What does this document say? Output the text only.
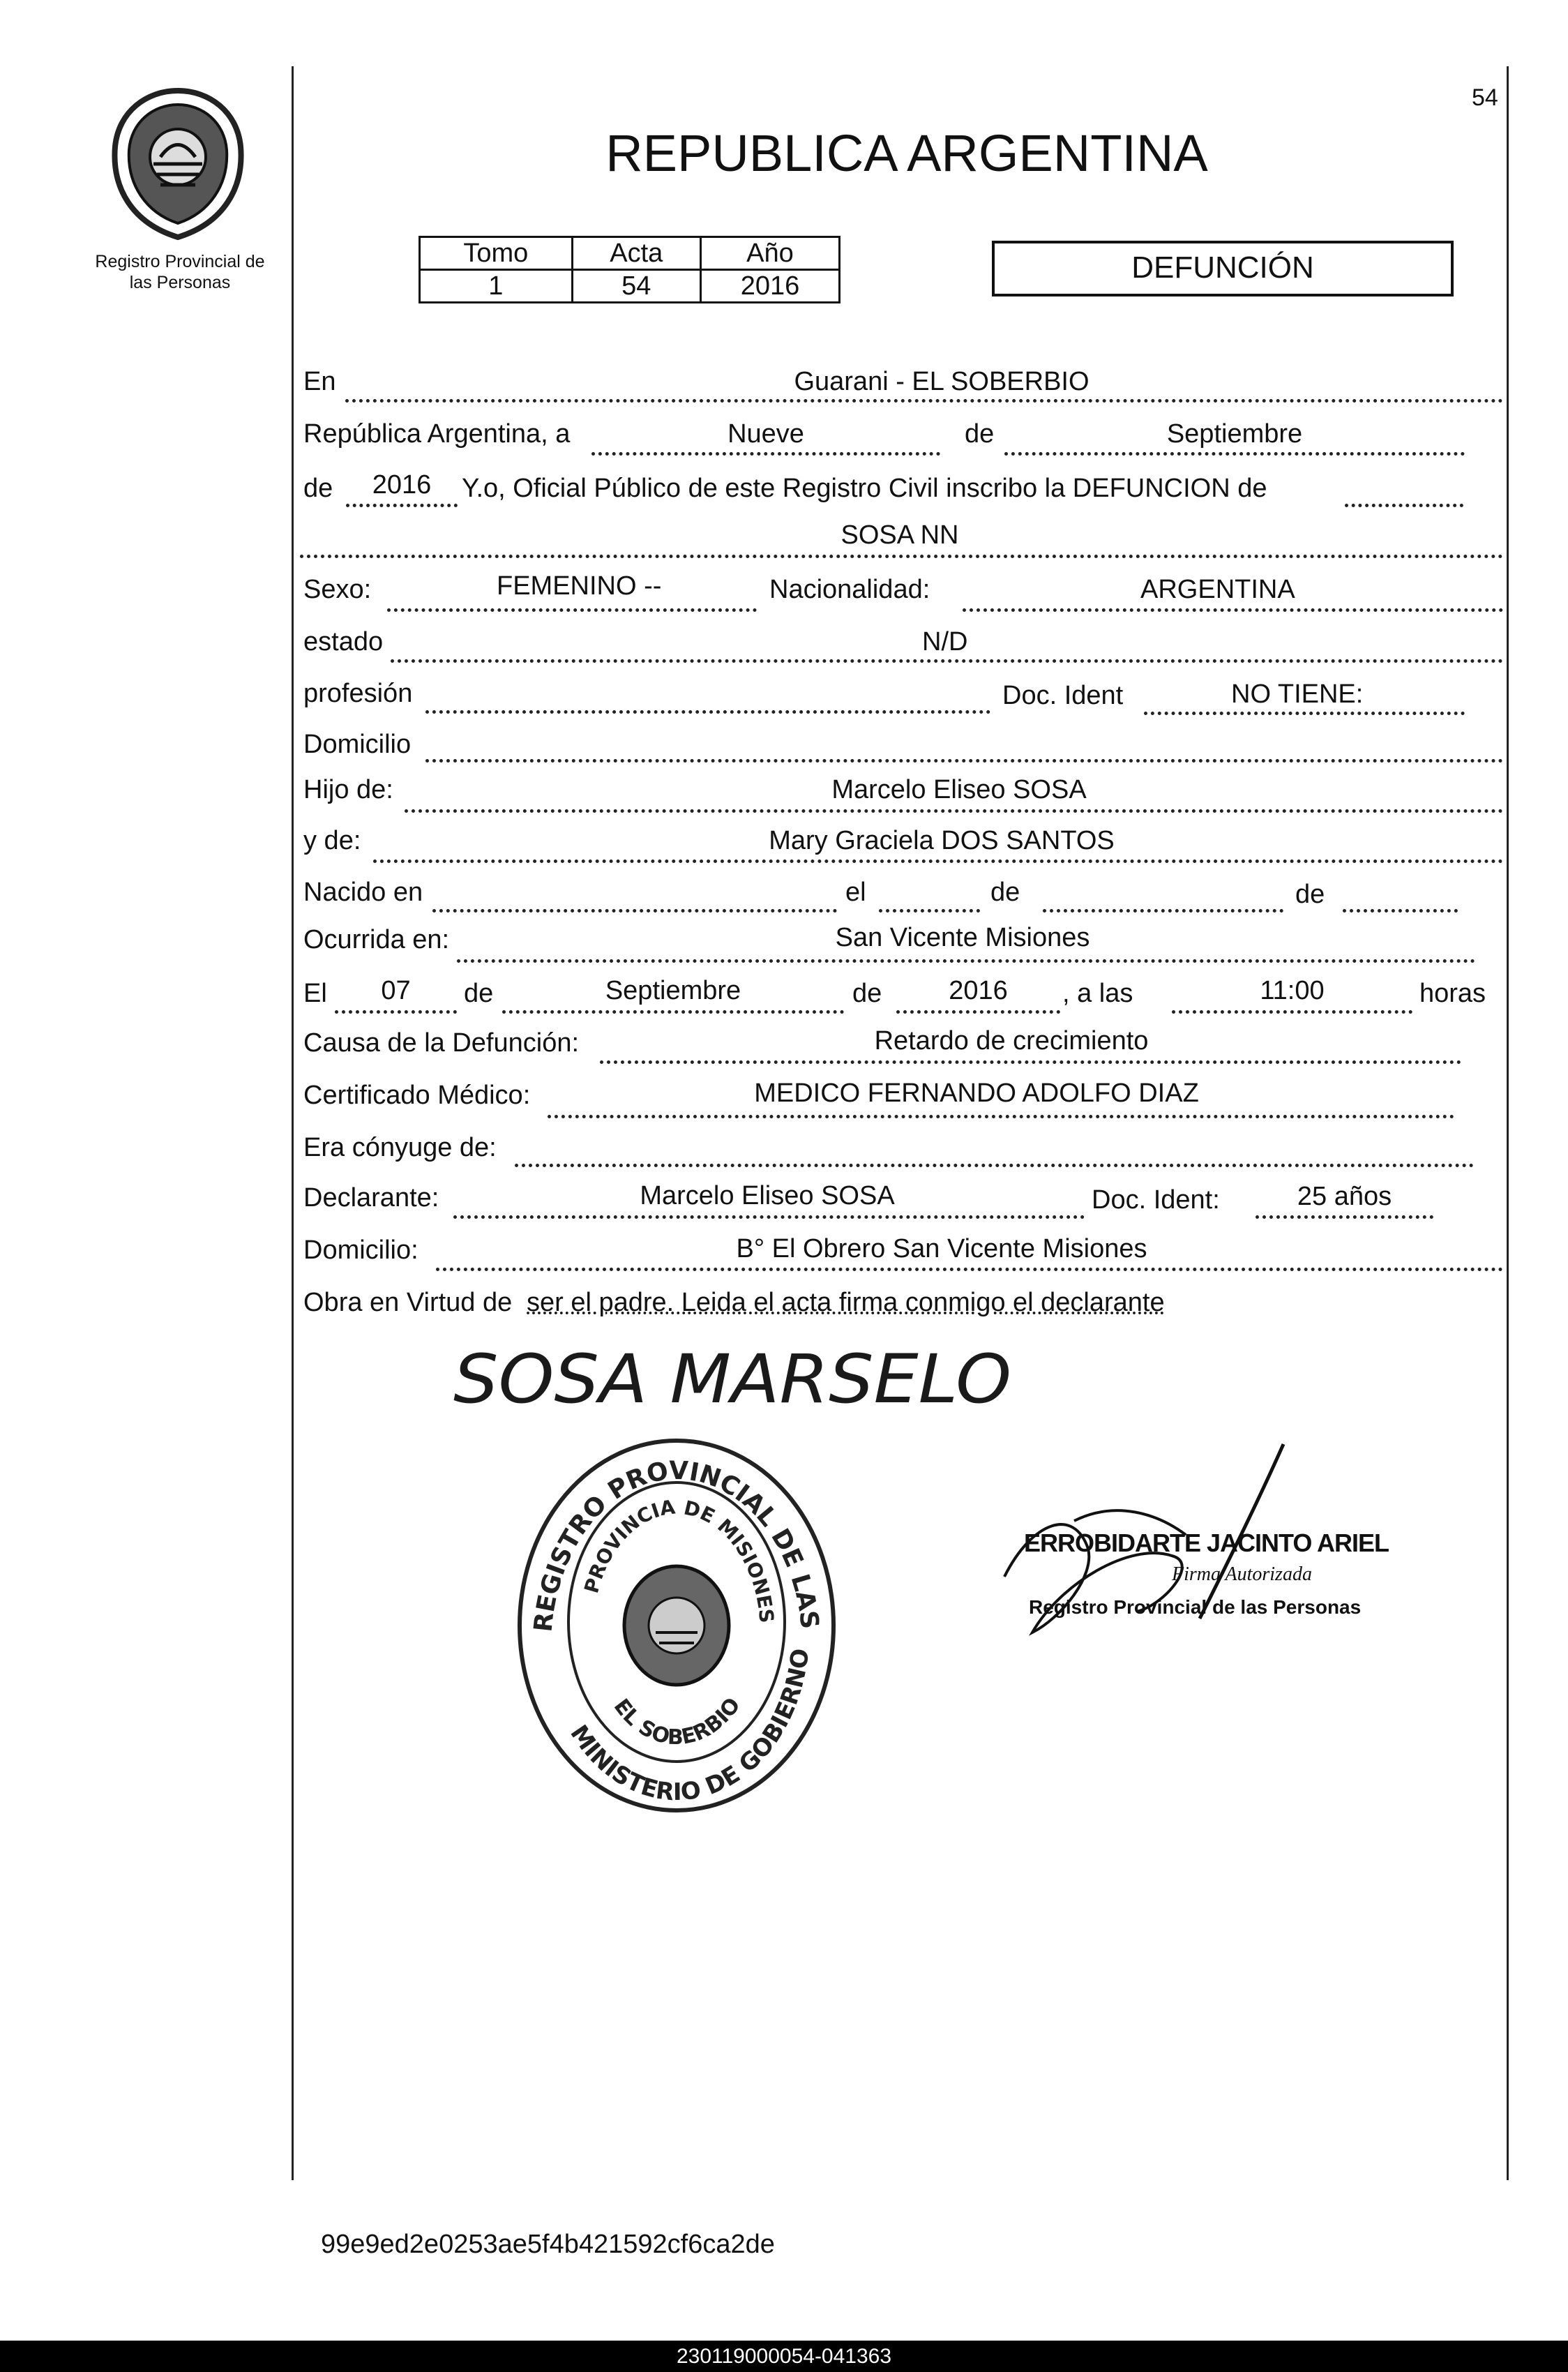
54
Registro Provincial de
las Personas
REPUBLICA ARGENTINA
Tomo	Acta	Año
1	54	2016
DEFUNCIÓN
En	Guarani - EL SOBERBIO
República Argentina, a	Nueve	de	Septiembre
de	2016	Y.o, Oficial Público de este Registro Civil inscribo la DEFUNCION de
SOSA NN
Sexo:	FEMENINO --	Nacionalidad:	ARGENTINA
estado	N/D
profesión	Doc. Ident	NO TIENE:
Domicilio
Hijo de:	Marcelo Eliseo SOSA
y de:	Mary Graciela DOS SANTOS
Nacido en	el	de	de
Ocurrida en:	San Vicente Misiones
El	07	de	Septiembre	de	2016	, a las	11:00	horas
Causa de la Defunción:	Retardo de crecimiento
Certificado Médico:	MEDICO FERNANDO ADOLFO DIAZ
Era cónyuge de:
Declarante:	Marcelo Eliseo SOSA	Doc. Ident:	25 años
Domicilio:	B° El Obrero San Vicente Misiones
Obra en Virtud de ser el padre. Leida el acta firma conmigo el declarante
SOSA MARSELO
REGISTRO PROVINCIAL DE LAS
PROVINCIA DE MISIONES
MINISTERIO DE GOBIERNO
EL SOBERBIO
ERROBIDARTE JACINTO ARIEL
Firma Autorizada
Registro Provincial de las Personas
99e9ed2e0253ae5f4b421592cf6ca2de
230119000054-041363
